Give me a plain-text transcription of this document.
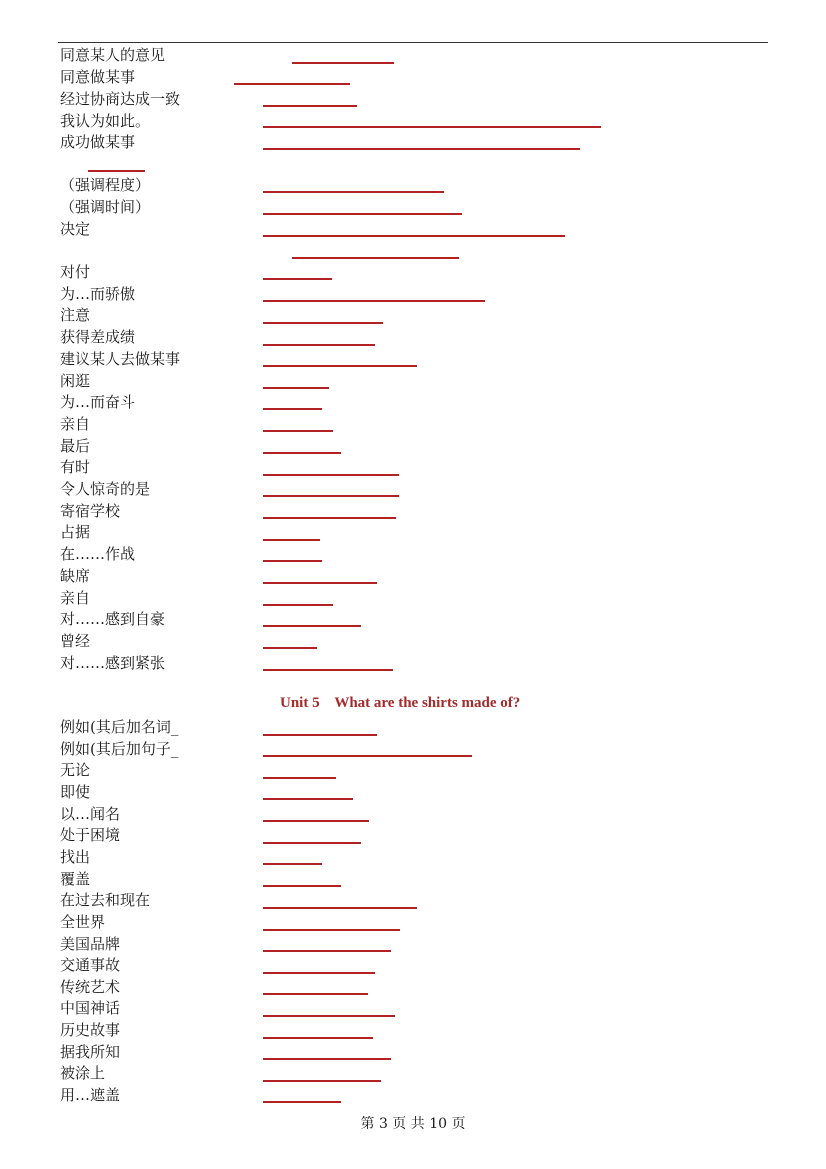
同意某人的意见
同意做某事
经过协商达成一致
我认为如此。
成功做某事
（强调程度）
（强调时间）
决定
对付
为…而骄傲
注意
获得差成绩
建议某人去做某事
闲逛
为…而奋斗
亲自
最后
有时
令人惊奇的是
寄宿学校
占据
在……作战
缺席
亲自
对……感到自豪
曾经
对……感到紧张
Unit 5    What are the shirts made of?
例如(其后加名词_
例如(其后加句子_
无论
即使
以…闻名
处于困境
找出
覆盖
在过去和现在
全世界
美国品牌
交通事故
传统艺术
中国神话
历史故事
据我所知
被涂上
用…遮盖
第 3 页 共 10 页
